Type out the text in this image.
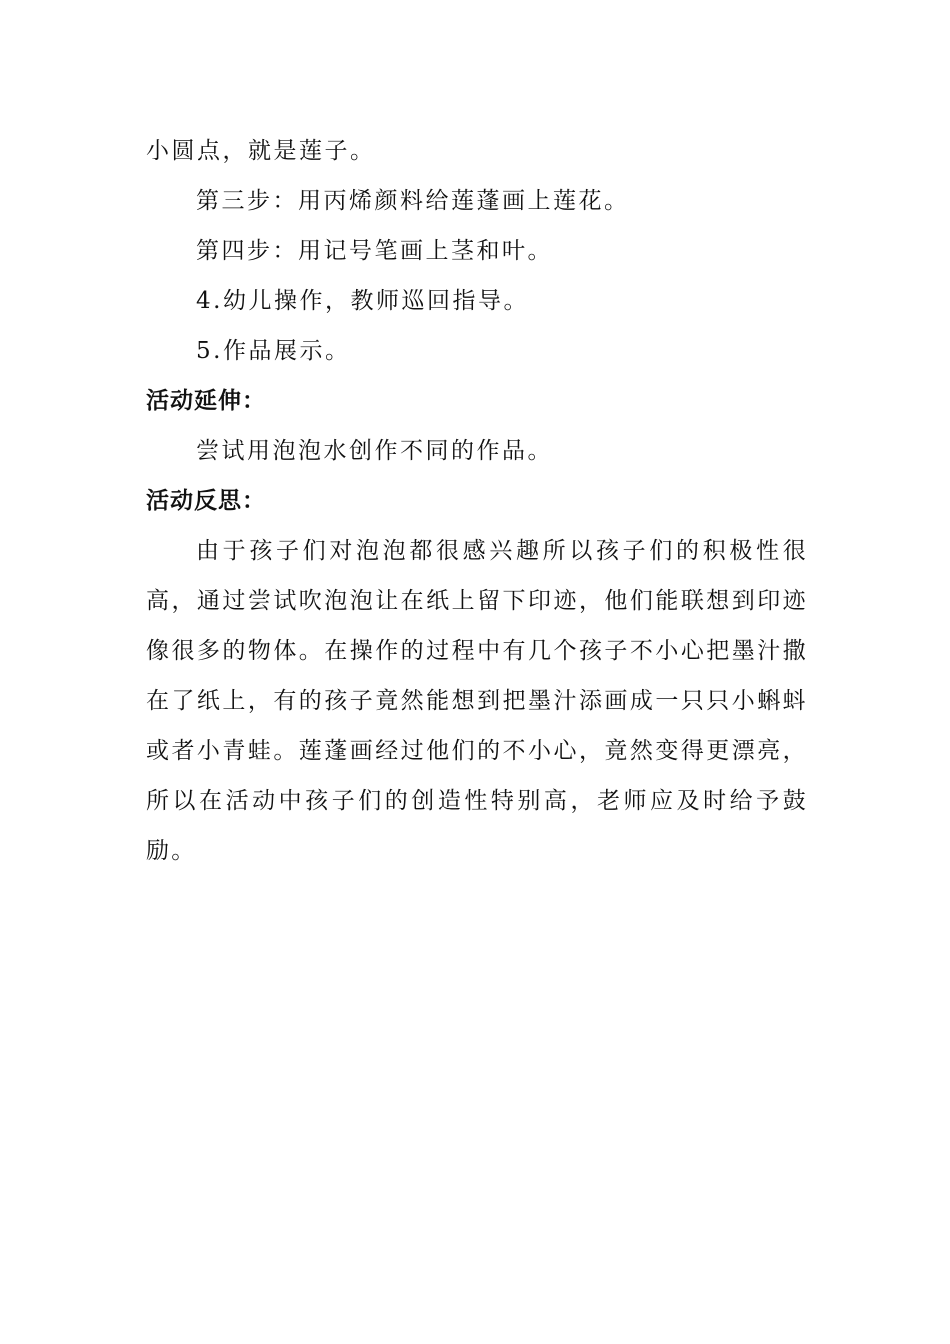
小圆点，就是莲子。
第三步：用丙烯颜料给莲蓬画上莲花。
第四步：用记号笔画上茎和叶。
4.幼儿操作，教师巡回指导。
5.作品展示。
活动延伸：
尝试用泡泡水创作不同的作品。
活动反思：
由于孩子们对泡泡都很感兴趣所以孩子们的积极性很高，通过尝试吹泡泡让在纸上留下印迹，他们能联想到印迹像很多的物体。在操作的过程中有几个孩子不小心把墨汁撒在了纸上，有的孩子竟然能想到把墨汁添画成一只只小蝌蚪或者小青蛙。莲蓬画经过他们的不小心，竟然变得更漂亮，所以在活动中孩子们的创造性特别高，老师应及时给予鼓励。
